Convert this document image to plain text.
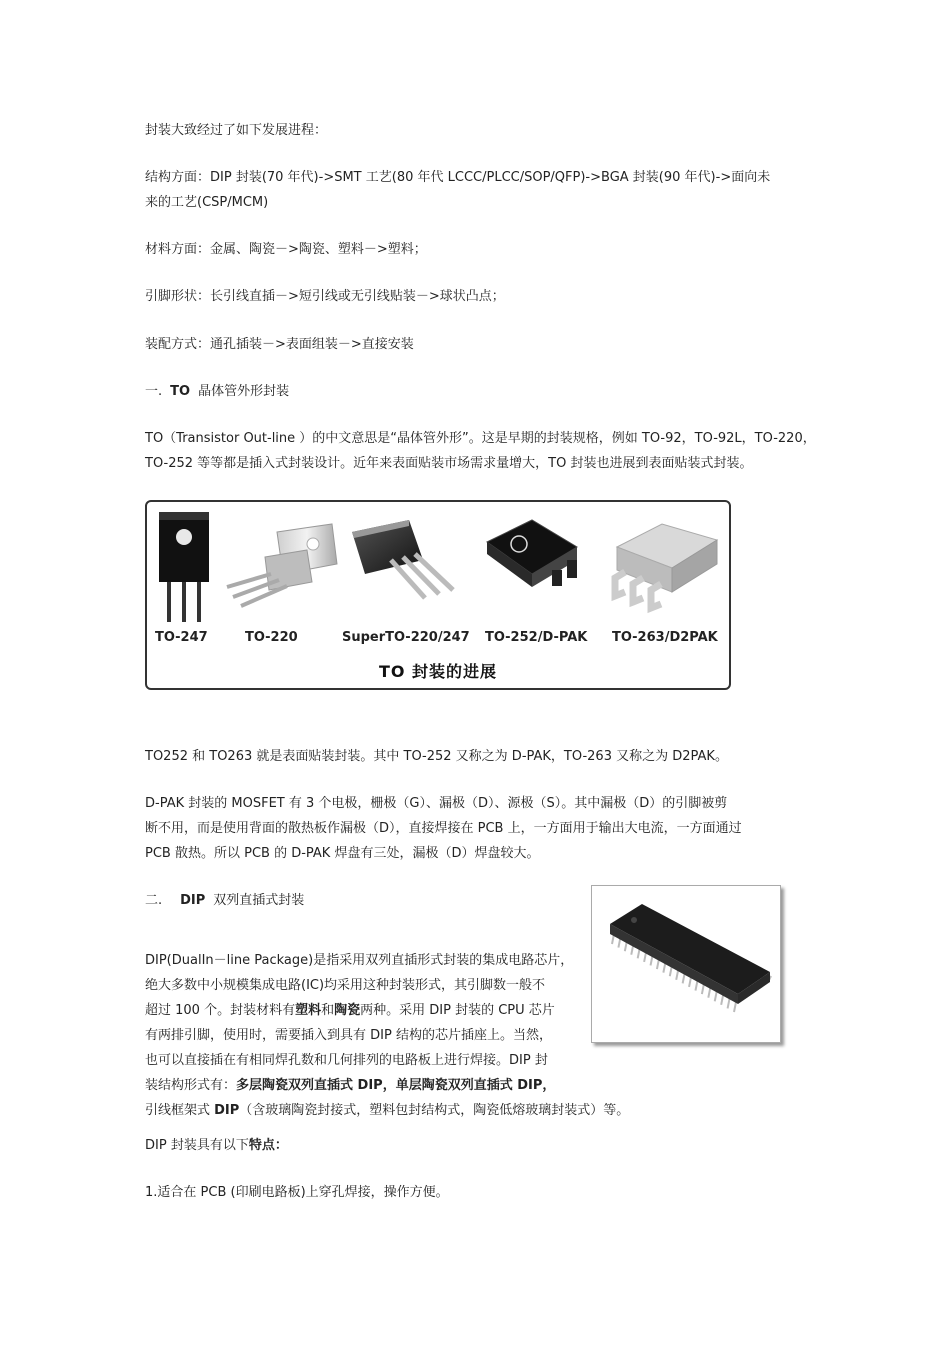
封装大致经过了如下发展进程：

结构方面：DIP 封装(70 年代)->SMT 工艺(80 年代 LCCC/PLCC/SOP/QFP)->BGA 封装(90 年代)->面向未

来的工艺(CSP/MCM)

材料方面：金属、陶瓷－>陶瓷、塑料－>塑料；

引脚形状：长引线直插－>短引线或无引线贴装－>球状凸点；

装配方式：通孔插装－>表面组装－>直接安装

一. TO 晶体管外形封装

TO（Transistor Out-line ）的中文意思是“晶体管外形”。这是早期的封装规格，例如 TO-92，TO-92L，TO-220，

TO-252 等等都是插入式封装设计。近年来表面贴装市场需求量增大，TO 封装也进展到表面贴装式封装。

TO-247	TO-220	SuperTO-220/247 TO-252/D-PAK TO-263/D2PAK
TO 封装的进展

TO252 和 TO263 就是表面贴装封装。其中 TO-252 又称之为 D-PAK，TO-263 又称之为 D2PAK。

D-PAK 封装的 MOSFET 有 3 个电极，栅极（G）、漏极（D）、源极（S）。其中漏极（D）的引脚被剪

断不用，而是使用背面的散热板作漏极（D），直接焊接在 PCB 上，一方面用于输出大电流，一方面通过

PCB 散热。所以 PCB 的 D-PAK 焊盘有三处，漏极（D）焊盘较大。

二. DIP 双列直插式封装

DIP(DualIn－line Package)是指采用双列直插形式封装的集成电路芯片，

绝大多数中小规模集成电路(IC)均采用这种封装形式，其引脚数一般不

超过 100 个。封装材料有塑料和陶瓷两种。采用 DIP 封装的 CPU 芯片

有两排引脚，使用时，需要插入到具有 DIP 结构的芯片插座上。当然，

也可以直接插在有相同焊孔数和几何排列的电路板上进行焊接。DIP 封

装结构形式有：多层陶瓷双列直插式 DIP，单层陶瓷双列直插式 DIP，

引线框架式 DIP（含玻璃陶瓷封接式，塑料包封结构式，陶瓷低熔玻璃封装式）等。

DIP 封装具有以下特点：

1.适合在 PCB (印刷电路板)上穿孔焊接，操作方便。
